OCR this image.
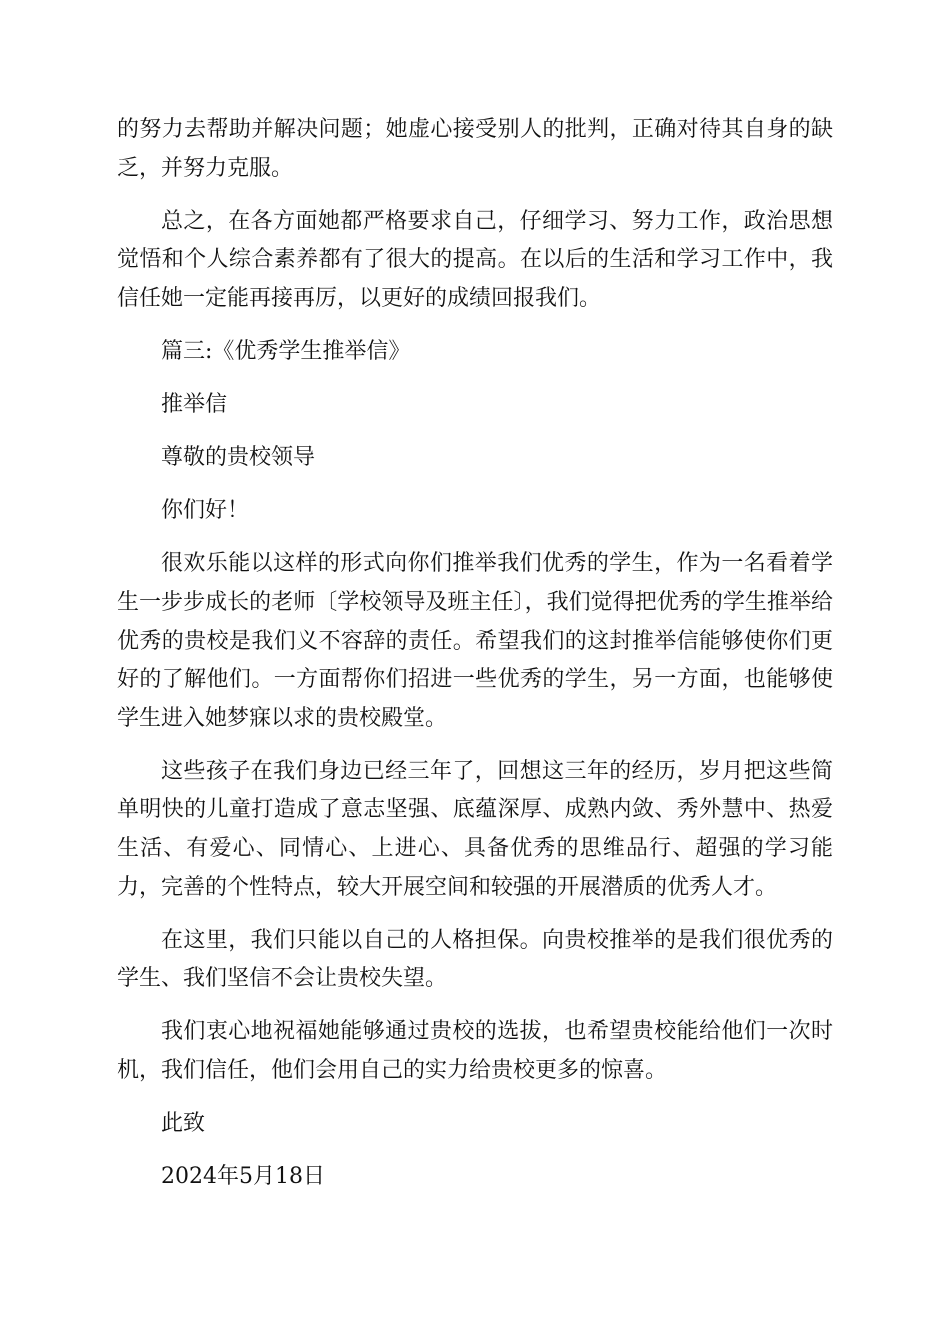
的努力去帮助并解决问题；她虚心接受别人的批判，正确对待其自身的缺乏，并努力克服。

总之，在各方面她都严格要求自己，仔细学习、努力工作，政治思想觉悟和个人综合素养都有了很大的提高。在以后的生活和学习工作中，我信任她一定能再接再厉，以更好的成绩回报我们。

篇三:《优秀学生推举信》

推举信

尊敬的贵校领导

你们好！

很欢乐能以这样的形式向你们推举我们优秀的学生，作为一名看着学生一步步成长的老师〔学校领导及班主任〕，我们觉得把优秀的学生推举给优秀的贵校是我们义不容辞的责任。希望我们的这封推举信能够使你们更好的了解他们。一方面帮你们招进一些优秀的学生，另一方面，也能够使学生进入她梦寐以求的贵校殿堂。

这些孩子在我们身边已经三年了，回想这三年的经历，岁月把这些简单明快的儿童打造成了意志坚强、底蕴深厚、成熟内敛、秀外慧中、热爱生活、有爱心、同情心、上进心、具备优秀的思维品行、超强的学习能力，完善的个性特点，较大开展空间和较强的开展潜质的优秀人才。

在这里，我们只能以自己的人格担保。向贵校推举的是我们很优秀的学生、我们坚信不会让贵校失望。

我们衷心地祝福她能够通过贵校的选拔，也希望贵校能给他们一次时机，我们信任，他们会用自己的实力给贵校更多的惊喜。

此致

2024年5月18日
